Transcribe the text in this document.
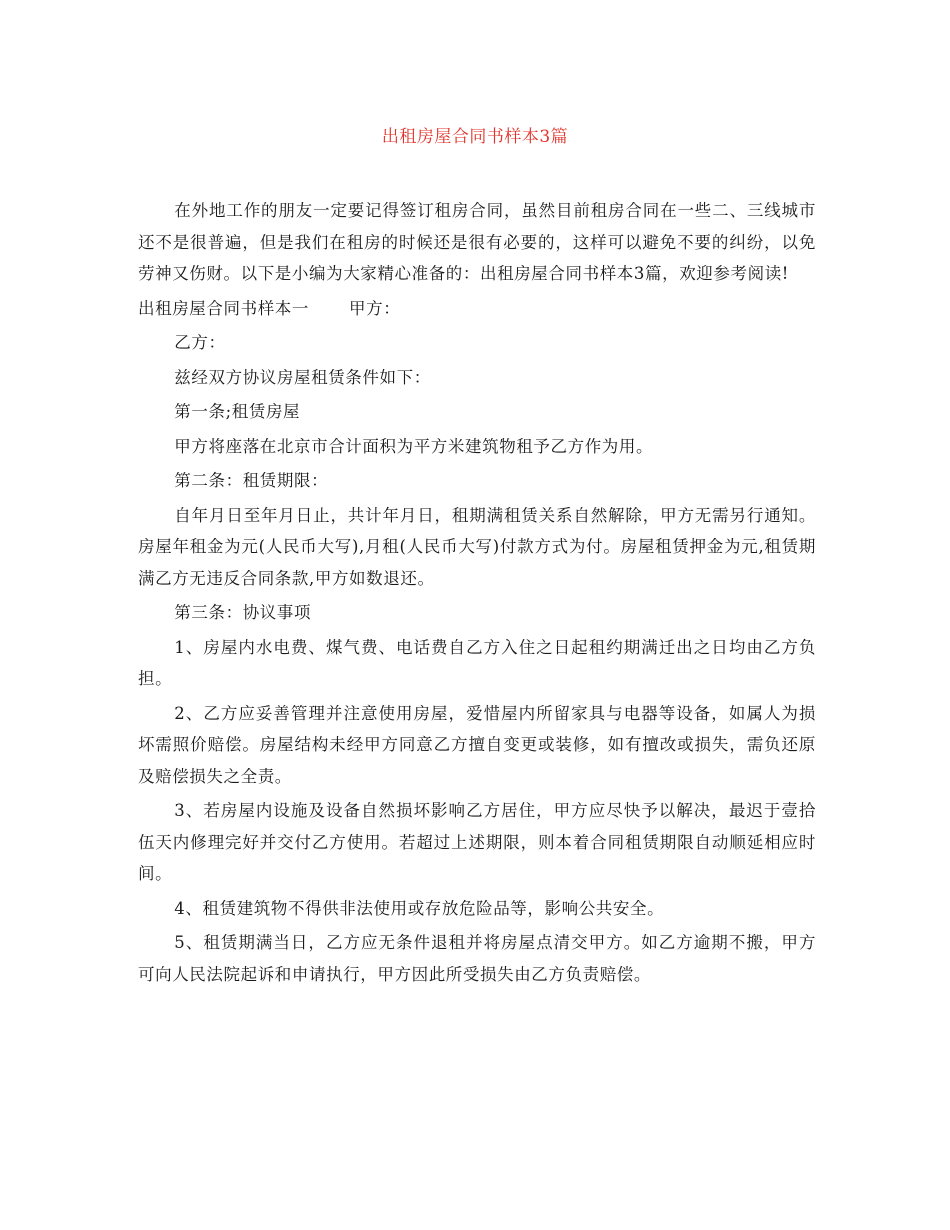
出租房屋合同书样本3篇

在外地工作的朋友一定要记得签订租房合同，虽然目前租房合同在一些二、三线城市还不是很普遍，但是我们在租房的时候还是很有必要的，这样可以避免不要的纠纷，以免劳神又伤财。以下是小编为大家精心准备的：出租房屋合同书样本3篇，欢迎参考阅读!

出租房屋合同书样本一 甲方：

乙方：

兹经双方协议房屋租赁条件如下：

第一条;租赁房屋

甲方将座落在北京市合计面积为平方米建筑物租予乙方作为用。

第二条：租赁期限：

自年月日至年月日止，共计年月日，租期满租赁关系自然解除，甲方无需另行通知。房屋年租金为元(人民币大写),月租(人民币大写)付款方式为付。房屋租赁押金为元,租赁期满乙方无违反合同条款,甲方如数退还。

第三条：协议事项

1、房屋内水电费、煤气费、电话费自乙方入住之日起租约期满迁出之日均由乙方负担。

2、乙方应妥善管理并注意使用房屋，爱惜屋内所留家具与电器等设备，如属人为损坏需照价赔偿。房屋结构未经甲方同意乙方擅自变更或装修，如有擅改或损失，需负还原及赔偿损失之全责。

3、若房屋内设施及设备自然损坏影响乙方居住，甲方应尽快予以解决，最迟于壹拾伍天内修理完好并交付乙方使用。若超过上述期限，则本着合同租赁期限自动顺延相应时间。

4、租赁建筑物不得供非法使用或存放危险品等，影响公共安全。

5、租赁期满当日，乙方应无条件退租并将房屋点清交甲方。如乙方逾期不搬，甲方可向人民法院起诉和申请执行，甲方因此所受损失由乙方负责赔偿。
